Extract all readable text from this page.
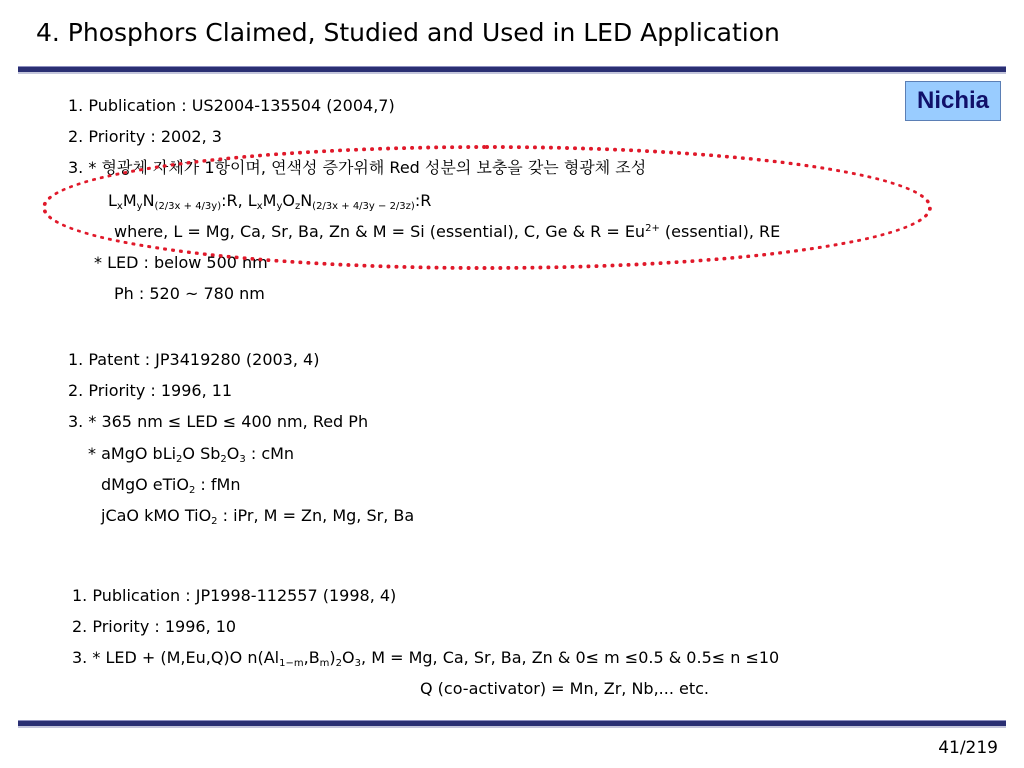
4. Phosphors Claimed, Studied and Used in LED Application
Nichia
1. Publication : US2004-135504 (2004,7)
2. Priority : 2002, 3
3. * 형광체 자체가 1항이며, 연색성 증가위해 Red 성분의 보충을 갖는 형광체 조성
$L_xM_yN_{(2/3x + 4/3y)}:R$, $L_xM_yO_zN_{(2/3x + 4/3y - 2/3z)}:R$
where, L = Mg, Ca, Sr, Ba, Zn & M = Si (essential), C, Ge & $R = Eu^{2+}$ (essential), RE
* LED : below 500 nm
Ph : 520 ~ 780 nm
1. Patent : JP3419280 (2003, 4)
2. Priority : 1996, 11
3. * 365 nm ≤ LED ≤ 400 nm, Red Ph
* aMgO bLi$_2$O $Sb_2O_3$ : cMn
dMgO eTiO$_2$ : fMn
jCaO kMO TiO$_2$ : iPr, M = Zn, Mg, Sr, Ba
1. Publication : JP1998-112557 (1998, 4)
2. Priority : 1996, 10
3. * LED + (M,Eu,Q)O $n(Al_{1-m},B_m)_2O_3$, M = Mg, Ca, Sr, Ba, Zn & 0≤ m ≤0.5 & 0.5≤ n ≤10
Q (co-activator) = Mn, Zr, Nb,... etc.
41/219
